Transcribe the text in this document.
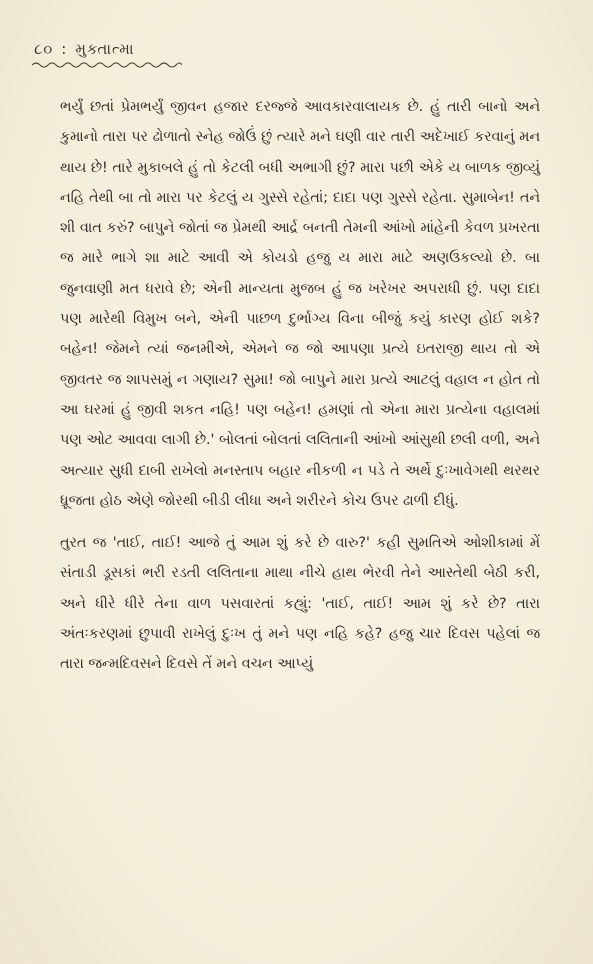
૮૦ : મુક્તાત્મા

ભર્યું છતાં પ્રેમભર્યું જીવન હજાર દરજ્જે આવકારવાલાયક છે. હું તારી બાનો અને કુમાનો તારા પર ઢોળાતો સ્નેહ જોઉં છું ત્યારે મને ઘણી વાર તારી અદેખાઈ કરવાનું મન થાય છે! તારે મુકાબલે હું તો કેટલી બધી અભાગી છું? મારા પછી એકે ય બાળક જીવ્યું નહિ તેથી બા તો મારા પર કેટલું ય ગુસ્સે રહેતાં; દાદા પણ ગુસ્સે રહેતા. સુમાબેન! તને શી વાત કરું? બાપુને જોતાં જ પ્રેમથી આર્દ્ર બનતી તેમની આંખો માંહેની કેવળ પ્રખરતા જ મારે ભાગે શા માટે આવી એ કોયડો હજુ ય મારા માટે અણઉકલ્યો છે. બા જુનવાણી મત ધરાવે છે; એની માન્યતા મુજબ હું જ ખરેખર અપરાધી છું. પણ દાદા પણ મારેથી વિમુખ બને, એની પાછળ દુર્ભાગ્ય વિના બીજું કયું કારણ હોઈ શકે? બહેન! જેમને ત્યાં જનમીએ, એમને જ જો આપણા પ્રત્યે ઇતરાજી થાય તો એ જીવતર જ શાપસમું ન ગણાય? સુમા! જો બાપુને મારા પ્રત્યે આટલું વહાલ ન હોત તો આ ઘરમાં હું જીવી શકત નહિ! પણ બહેન! હમણાં તો એના મારા પ્રત્યેના વહાલમાં પણ ઓટ આવવા લાગી છે.' બોલતાં બોલતાં લલિતાની આંખો આંસુથી છલી વળી, અને અત્યાર સુધી દાબી રાખેલો મનસ્તાપ બહાર નીકળી ન પડે તે અર્થે દુઃખાવેગથી થરથર ધ્રૂજતા હોઠ એણે જોરથી બીડી લીધા અને શરીરને કોચ ઉપર ઢાળી દીધું.

તુરત જ 'તાઈ, તાઈ! આજે તું આમ શું કરે છે વારુ?' કહી સુમતિએ ઓશીકામાં મેં સંતાડી ડૂસકાં ભરી રડતી લલિતાના માથા નીચે હાથ ભેરવી તેને આસ્તેથી બેઠી કરી, અને ધીરે ધીરે તેના વાળ પસવારતાં કહ્યું: 'તાઈ, તાઈ! આમ શું કરે છે? તારા અંતઃકરણમાં છુપાવી રાખેલું દુઃખ તું મને પણ નહિ કહે? હજુ ચાર દિવસ પહેલાં જ તારા જન્મદિવસને દિવસે તેં મને વચન આપ્યું
